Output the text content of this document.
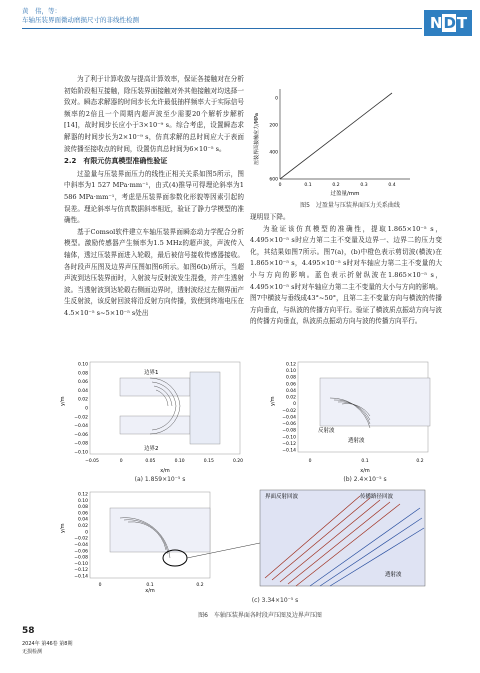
黄　伟，等：
车轴压装界面微动磨损尺寸的非线性检测	N D T

为了利于计算收敛与提高计算效率，保证各接触对在分析初始阶段相互接触，除压装界面接触对外其他接触对均选择一致对。瞬态求解器的时间步长允许最低抽样频率大于实际信号频率的2倍且一个周期内超声波至少需要20个解析步解析[14]，故时间步长应小于3×10⁻⁹ s。综合考虑，设置瞬态求解器的时间步长为2×10⁻⁹ s，仿真求解的总时间应大于表面波传播至接收点的时间，设置仿真总时间为6×10⁻⁵ s。

2.2　有限元仿真模型准确性验证

过盈量与压装界面压力的线性正相关关系如图5所示，图中斜率为1 527 MPa·mm⁻¹，由式(4)推导可得理论斜率为1 586 MPa·mm⁻¹，考虑是压装界面参数化形貌等因素引起的误差。理论斜率与仿真数据斜率相近，验证了静力学模型的准确性。

基于Comsol软件建立车轴压装界面瞬态动力学配合分析模型。激励传感器产生频率为1.5 MHz的超声波，声波传入轴体，透过压装界面进入轮毂，最后被信号接收传感器接收。各时段声压图及边界声压图如图6所示。如图6(b)所示，当超声波到达压装界面时，入射波与反射波发生混叠，并产生透射波。当透射波到达轮毂右侧面边界时，透射波经过左侧界面产生反射波，该反射回波将沿反射方向传播，致使到终端电压在4.5×10⁻⁵ s~5×10⁻⁵ s处出

0	0.1	0.2	0.3	0.4
600
400
200
0
过盈量/mm
压装界面接触应力/MPa
图5　过盈量与压装界面压力关系曲线

现明显下降。

为验证该仿真模型的准确性，提取1.865×10⁻⁵ s，4.495×10⁻⁵ s时应力第二主不变量及边界一、边界二的压力变化，其结果如图7所示。图7(a)，(b)中橙色表示剪切波(横波)在1.865×10⁻⁵ s，4.495×10⁻⁵ s时对车轴应力第二主不变量的大小与方向的影响。蓝色表示折射纵波在1.865×10⁻⁵ s，4.495×10⁻⁵ s时对车轴应力第二主不变量的大小与方向的影响。图7中横波与垂线成43°~50°，且第二主不变量方向与横波的传播方向垂直，与纵波的传播方向平行。验证了横波质点振动方向与波的传播方向垂直，纵波质点振动方向与波的传播方向平行。

0.10
0.08
0.06
0.04
0.02
0
−0.02
−0.04
−0.06
−0.08
−0.10
y/m
边界1
边界2
−0.05	0	0.05	0.10	0.15	0.20
x/m
(a) 1.859×10⁻⁵ s
0.12
0.10
0.08
0.06
0.04
0.02
0
−0.02
−0.04
−0.06
−0.08
−0.10
−0.12
−0.14
y/m
反射波
透射波
0	0.1	0.2
x/m
(b) 2.4×10⁻⁵ s
0.12
0.10
0.08
0.06
0.04
0.02
0
−0.02
−0.04
−0.06
−0.08
−0.10
−0.12
−0.14
y/m
界面反射回波	传播路径回波
透射波
0	0.1	0.2
x/m
(c) 3.34×10⁻⁵ s
图6　车轴压装界面各时段声压图及边界声压图
58
2024年 第46卷 第8期
无损检测
